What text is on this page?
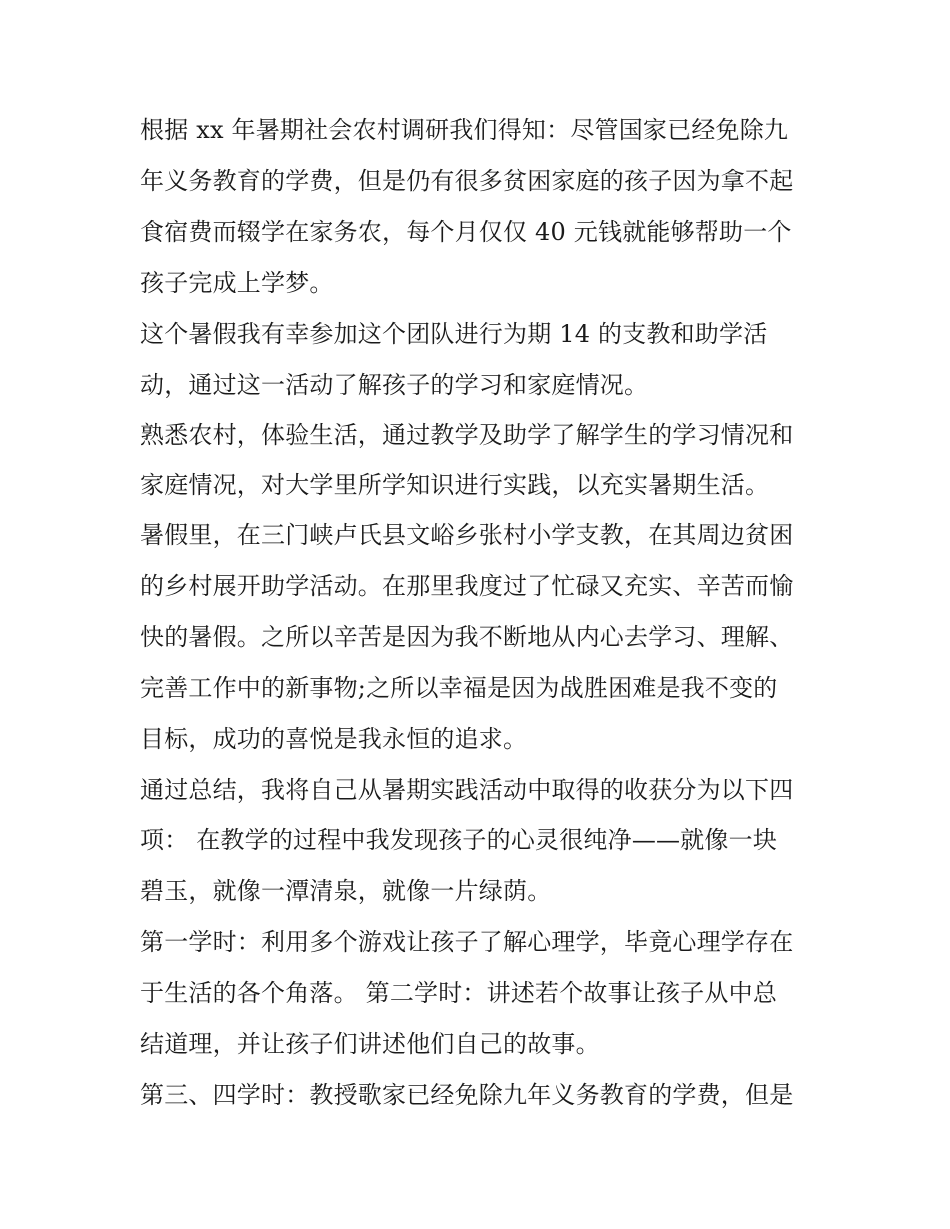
根据 xx 年暑期社会农村调研我们得知：尽管国家已经免除九
年义务教育的学费，但是仍有很多贫困家庭的孩子因为拿不起
食宿费而辍学在家务农，每个月仅仅 40 元钱就能够帮助一个
孩子完成上学梦。
这个暑假我有幸参加这个团队进行为期 14 的支教和助学活
动，通过这一活动了解孩子的学习和家庭情况。
熟悉农村，体验生活，通过教学及助学了解学生的学习情况和
家庭情况，对大学里所学知识进行实践，以充实暑期生活。
暑假里，在三门峡卢氏县文峪乡张村小学支教，在其周边贫困
的乡村展开助学活动。在那里我度过了忙碌又充实、辛苦而愉
快的暑假。之所以辛苦是因为我不断地从内心去学习、理解、
完善工作中的新事物;之所以幸福是因为战胜困难是我不变的
目标，成功的喜悦是我永恒的追求。
通过总结，我将自己从暑期实践活动中取得的收获分为以下四
项： 在教学的过程中我发现孩子的心灵很纯净——就像一块
碧玉，就像一潭清泉，就像一片绿荫。
第一学时：利用多个游戏让孩子了解心理学，毕竟心理学存在
于生活的各个角落。 第二学时：讲述若个故事让孩子从中总
结道理，并让孩子们讲述他们自己的故事。
第三、四学时：教授歌家已经免除九年义务教育的学费，但是
